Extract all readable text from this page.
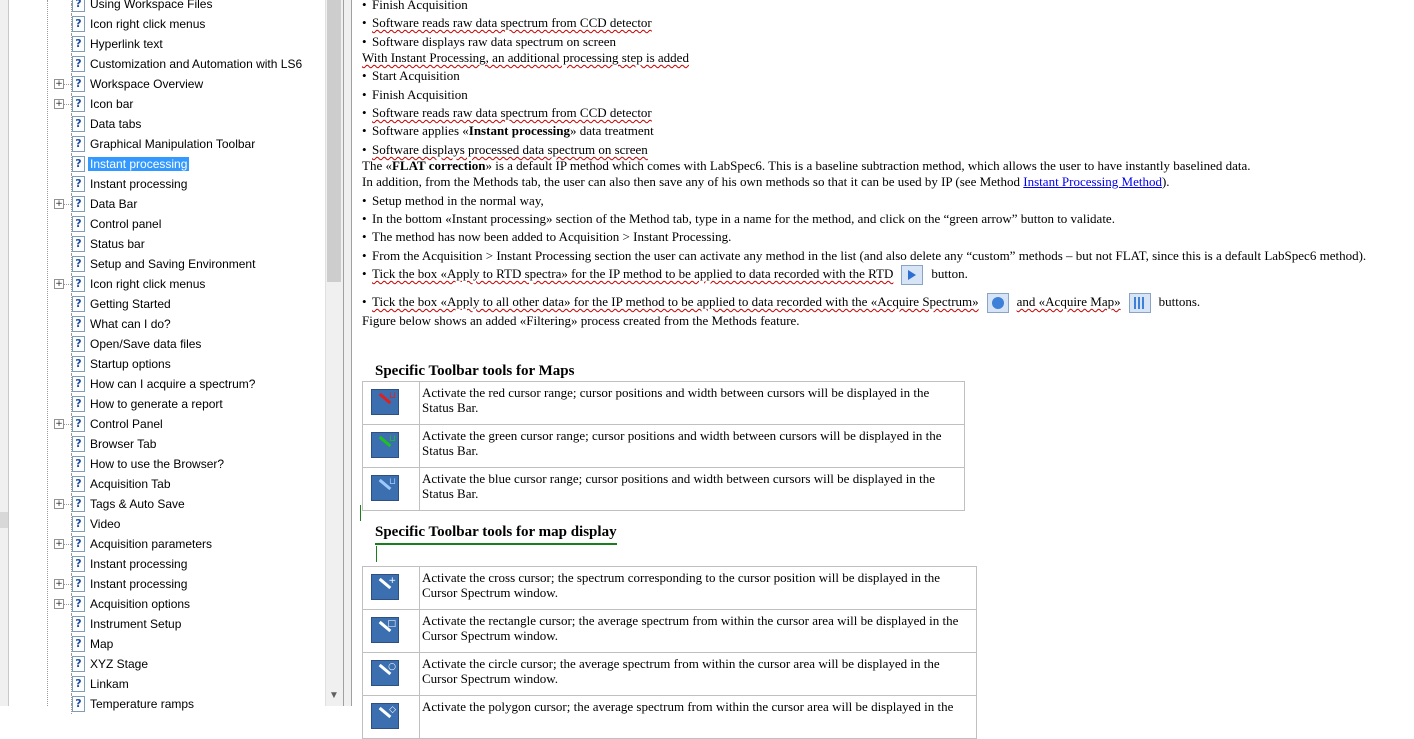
? Using Workspace Files
? Icon right click menus
? Hyperlink text
? Customization and Automation with LS6
+ ? Workspace Overview
+ ? Icon bar
? Data tabs
? Graphical Manipulation Toolbar
? Instant processing
? Instant processing
+ ? Data Bar
? Control panel
? Status bar
? Setup and Saving Environment
+ ? Icon right click menus
? Getting Started
? What can I do?
? Open/Save data files
? Startup options
? How can I acquire a spectrum?
? How to generate a report
+ ? Control Panel
? Browser Tab
? How to use the Browser?
? Acquisition Tab
+ ? Tags & Auto Save
? Video
+ ? Acquisition parameters
? Instant processing
+ ? Instant processing
+ ? Acquisition options
? Instrument Setup
? Map
? XYZ Stage
? Linkam
? Temperature ramps
▼
• Finish Acquisition
• Software reads raw data spectrum from CCD detector
• Software displays raw data spectrum on screen
With Instant Processing, an additional processing step is added
• Start Acquisition
• Finish Acquisition
• Software reads raw data spectrum from CCD detector
• Software applies «Instant processing» data treatment
• Software displays processed data spectrum on screen
The «FLAT correction» is a default IP method which comes with LabSpec6. This is a baseline subtraction method, which allows the user to have instantly baselined data.
In addition, from the Methods tab, the user can also then save any of his own methods so that it can be used by IP (see Method Instant Processing Method).
• Setup method in the normal way,
• In the bottom «Instant processing» section of the Method tab, type in a name for the method, and click on the “green arrow” button to validate.
• The method has now been added to Acquisition > Instant Processing.
• From the Acquisition > Instant Processing section the user can activate any method in the list (and also delete any “custom” methods – but not FLAT, since this is a default LabSpec6 method).
• Tick the box «Apply to RTD spectra» for the IP method to be applied to data recorded with the RTD	button.
• Tick the box «Apply to all other data» for the IP method to be applied to data recorded with the «Acquire Spectrum»	and «Acquire Map»	buttons.
Figure below shows an added «Filtering» process created from the Methods feature.
Specific Toolbar tools for Maps
⊔	Activate the red cursor range; cursor positions and width between cursors will be displayed in the Status Bar.

⊔	Activate the green cursor range; cursor positions and width between cursors will be displayed in the Status Bar.

⊔	Activate the blue cursor range; cursor positions and width between cursors will be displayed in the Status Bar.
Specific Toolbar tools for map display
+	Activate the cross cursor; the spectrum corresponding to the cursor position will be displayed in the Cursor Spectrum window.

□	Activate the rectangle cursor; the average spectrum from within the cursor area will be displayed in the Cursor Spectrum window.

○	Activate the circle cursor; the average spectrum from within the cursor area will be displayed in the Cursor Spectrum window.

◇	Activate the polygon cursor; the average spectrum from within the cursor area will be displayed in the
